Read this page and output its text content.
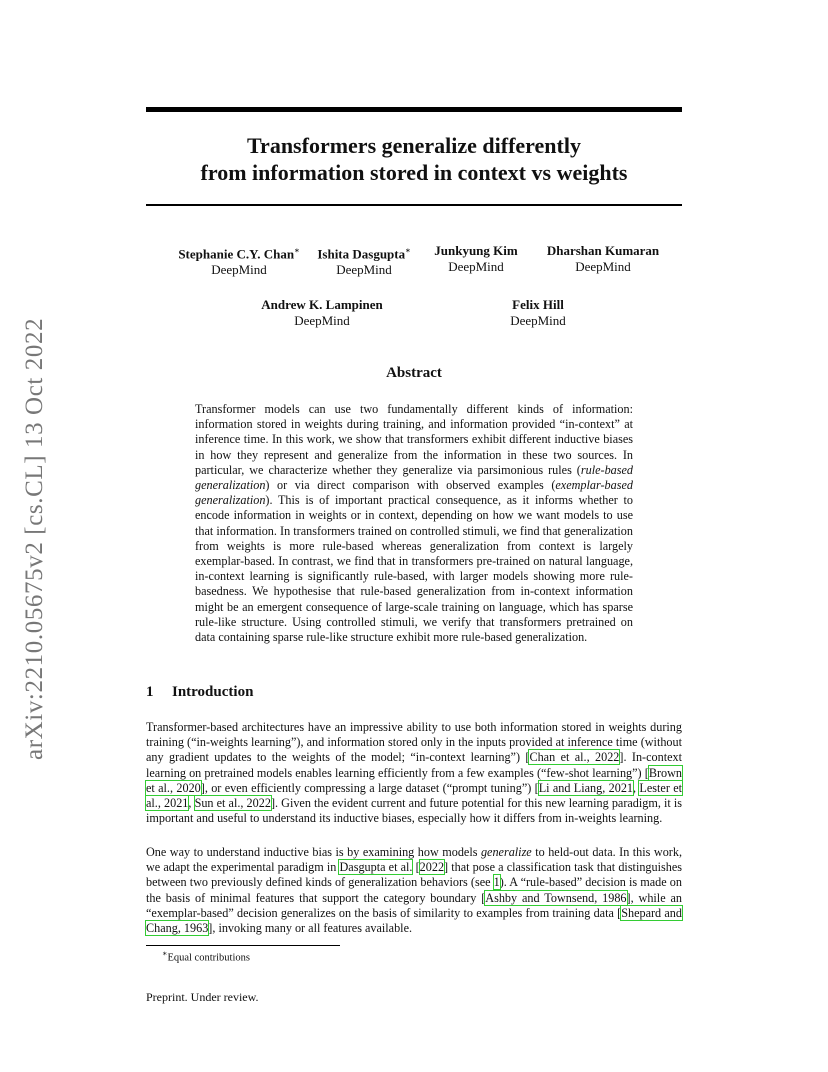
arXiv:2210.05675v2 [cs.CL] 13 Oct 2022
Transformers generalize differently
from information stored in context vs weights
Stephanie C.Y. Chan∗
DeepMind
Ishita Dasgupta∗
DeepMind
Junkyung Kim
DeepMind
Dharshan Kumaran
DeepMind
Andrew K. Lampinen
DeepMind
Felix Hill
DeepMind
Abstract
Transformer models can use two fundamentally different kinds of information: information stored in weights during training, and information provided “in-context” at inference time. In this work, we show that transformers exhibit different inductive biases in how they represent and generalize from the information in these two sources. In particular, we characterize whether they generalize via parsimonious rules (rule-based generalization) or via direct comparison with observed examples (exemplar-based generalization). This is of important practical consequence, as it informs whether to encode information in weights or in context, depending on how we want models to use that information. In transformers trained on controlled stimuli, we find that generalization from weights is more rule-based whereas generalization from context is largely exemplar-based. In contrast, we find that in transformers pre-trained on natural language, in-context learning is significantly rule-based, with larger models showing more rule-basedness. We hypothesise that rule-based generalization from in-context information might be an emergent consequence of large-scale training on language, which has sparse rule-like structure. Using controlled stimuli, we verify that transformers pretrained on data containing sparse rule-like structure exhibit more rule-based generalization.
1 Introduction
Transformer-based architectures have an impressive ability to use both information stored in weights during training (“in-weights learning”), and information stored only in the inputs provided at inference time (without any gradient updates to the weights of the model; “in-context learning”) [Chan et al., 2022]. In-context learning on pretrained models enables learning efficiently from a few examples (“few-shot learning”) [Brown et al., 2020], or even efficiently compressing a large dataset (“prompt tuning”) [Li and Liang, 2021, Lester et al., 2021, Sun et al., 2022]. Given the evident current and future potential for this new learning paradigm, it is important and useful to understand its inductive biases, especially how it differs from in-weights learning.
One way to understand inductive bias is by examining how models generalize to held-out data. In this work, we adapt the experimental paradigm in Dasgupta et al. [2022] that pose a classification task that distinguishes between two previously defined kinds of generalization behaviors (see 1). A “rule-based” decision is made on the basis of minimal features that support the category boundary [Ashby and Townsend, 1986], while an “exemplar-based” decision generalizes on the basis of similarity to examples from training data [Shepard and Chang, 1963], invoking many or all features available.
∗Equal contributions
Preprint. Under review.
